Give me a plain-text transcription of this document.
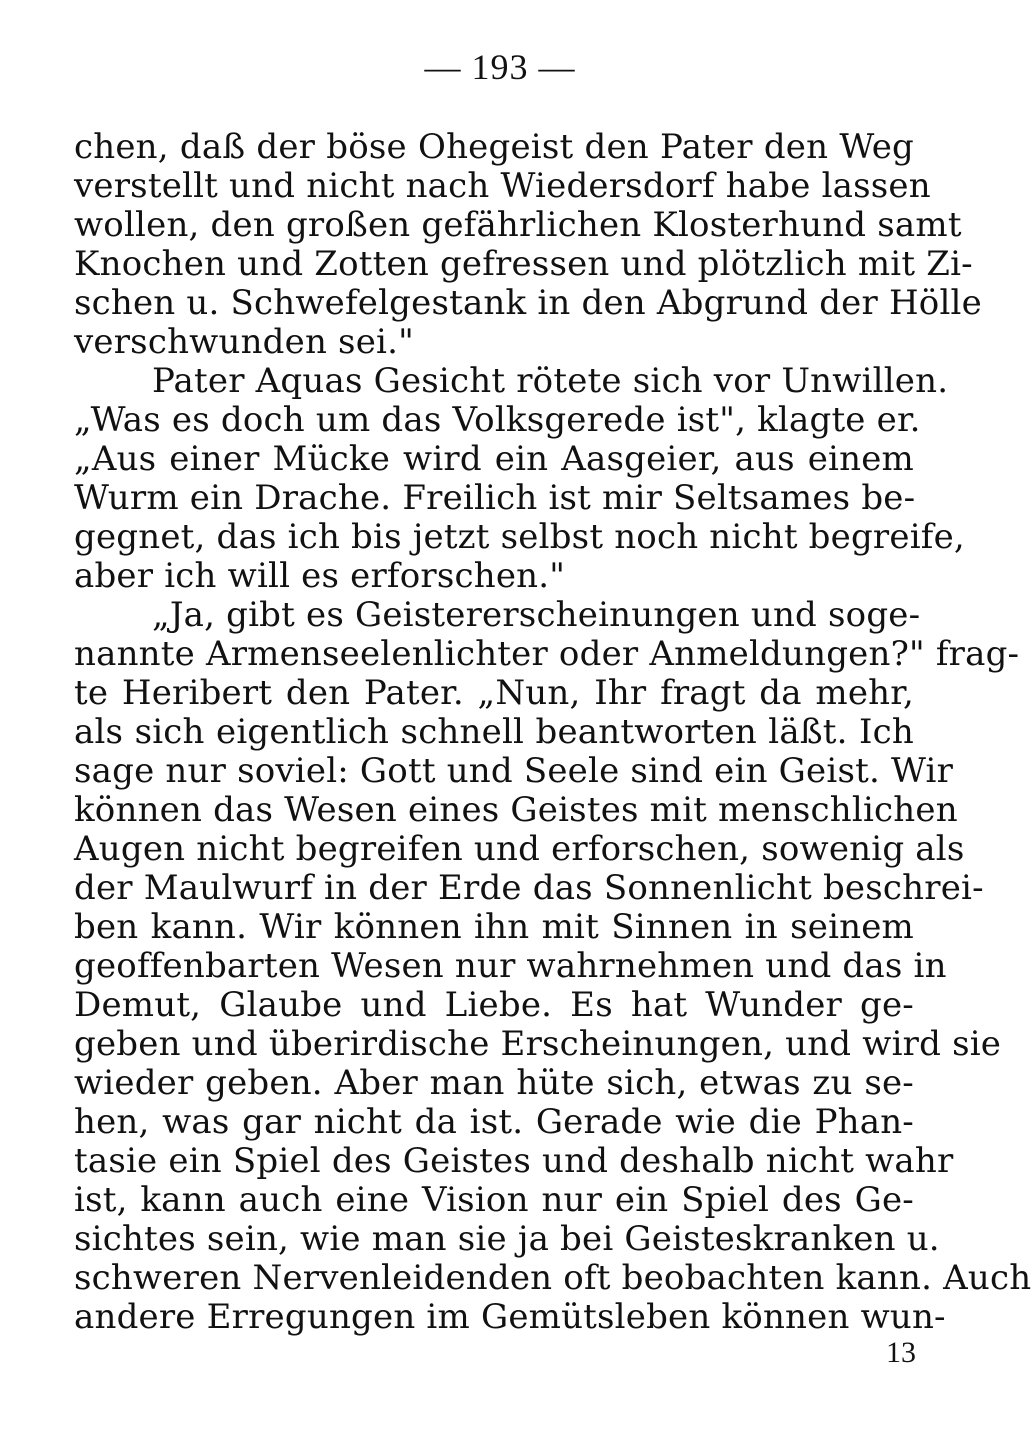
— 193 —
chen, daß der böse Ohegeist den Pater den Weg
verstellt und nicht nach Wiedersdorf habe lassen
wollen, den großen gefährlichen Klosterhund samt
Knochen und Zotten gefressen und plötzlich mit Zi-
schen u. Schwefelgestank in den Abgrund der Hölle
verschwunden sei."
Pater Aquas Gesicht rötete sich vor Unwillen.
„Was es doch um das Volksgerede ist", klagte er.
„Aus einer Mücke wird ein Aasgeier, aus einem
Wurm ein Drache. Freilich ist mir Seltsames be-
gegnet, das ich bis jetzt selbst noch nicht begreife,
aber ich will es erforschen."
„Ja, gibt es Geistererscheinungen und soge-
nannte Armenseelenlichter oder Anmeldungen?" frag-
te Heribert den Pater. „Nun, Ihr fragt da mehr,
als sich eigentlich schnell beantworten läßt. Ich
sage nur soviel: Gott und Seele sind ein Geist. Wir
können das Wesen eines Geistes mit menschlichen
Augen nicht begreifen und erforschen, sowenig als
der Maulwurf in der Erde das Sonnenlicht beschrei-
ben kann. Wir können ihn mit Sinnen in seinem
geoffenbarten Wesen nur wahrnehmen und das in
Demut, Glaube und Liebe. Es hat Wunder ge-
geben und überirdische Erscheinungen, und wird sie
wieder geben. Aber man hüte sich, etwas zu se-
hen, was gar nicht da ist. Gerade wie die Phan-
tasie ein Spiel des Geistes und deshalb nicht wahr
ist, kann auch eine Vision nur ein Spiel des Ge-
sichtes sein, wie man sie ja bei Geisteskranken u.
schweren Nervenleidenden oft beobachten kann. Auch
andere Erregungen im Gemütsleben können wun-
13
